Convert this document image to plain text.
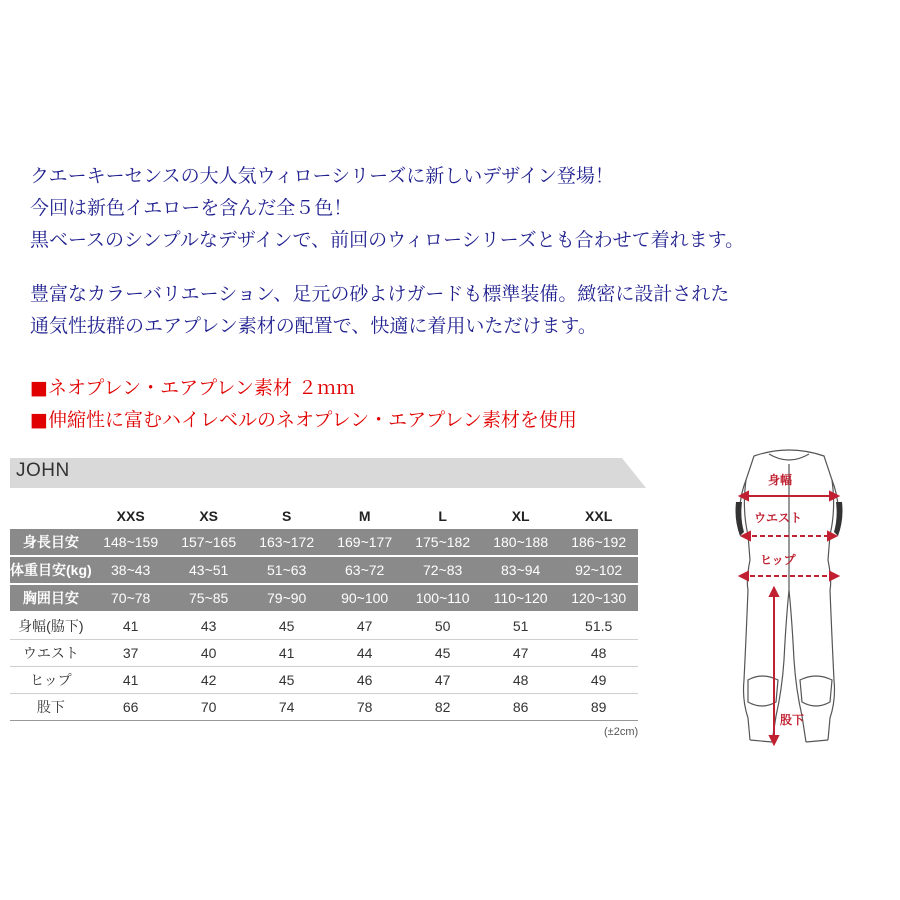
クエーキーセンスの大人気ウィローシリーズに新しいデザイン登場！
今回は新色イエローを含んだ全５色！
黒ベースのシンプルなデザインで、前回のウィローシリーズとも合わせて着れます。
豊富なカラーバリエーション、足元の砂よけガードも標準装備。緻密に設計された
通気性抜群のエアプレン素材の配置で、快適に着用いただけます。
■ネオプレン・エアプレン素材 ２ｍｍ
■伸縮性に富むハイレベルのネオプレン・エアプレン素材を使用
JOHN
	XXS	XS	S	M	L	XL	XXL
身長目安	148~159	157~165	163~172	169~177	175~182	180~188	186~192
体重目安(kg)	38~43	43~51	51~63	63~72	72~83	83~94	92~102
胸囲目安	70~78	75~85	79~90	90~100	100~110	110~120	120~130
身幅(脇下)	41	43	45	47	50	51	51.5
ウエスト	37	40	41	44	45	47	48
ヒップ	41	42	45	46	47	48	49
股下	66	70	74	78	82	86	89
(±2cm)
身幅
ウエスト
ヒップ
股下
